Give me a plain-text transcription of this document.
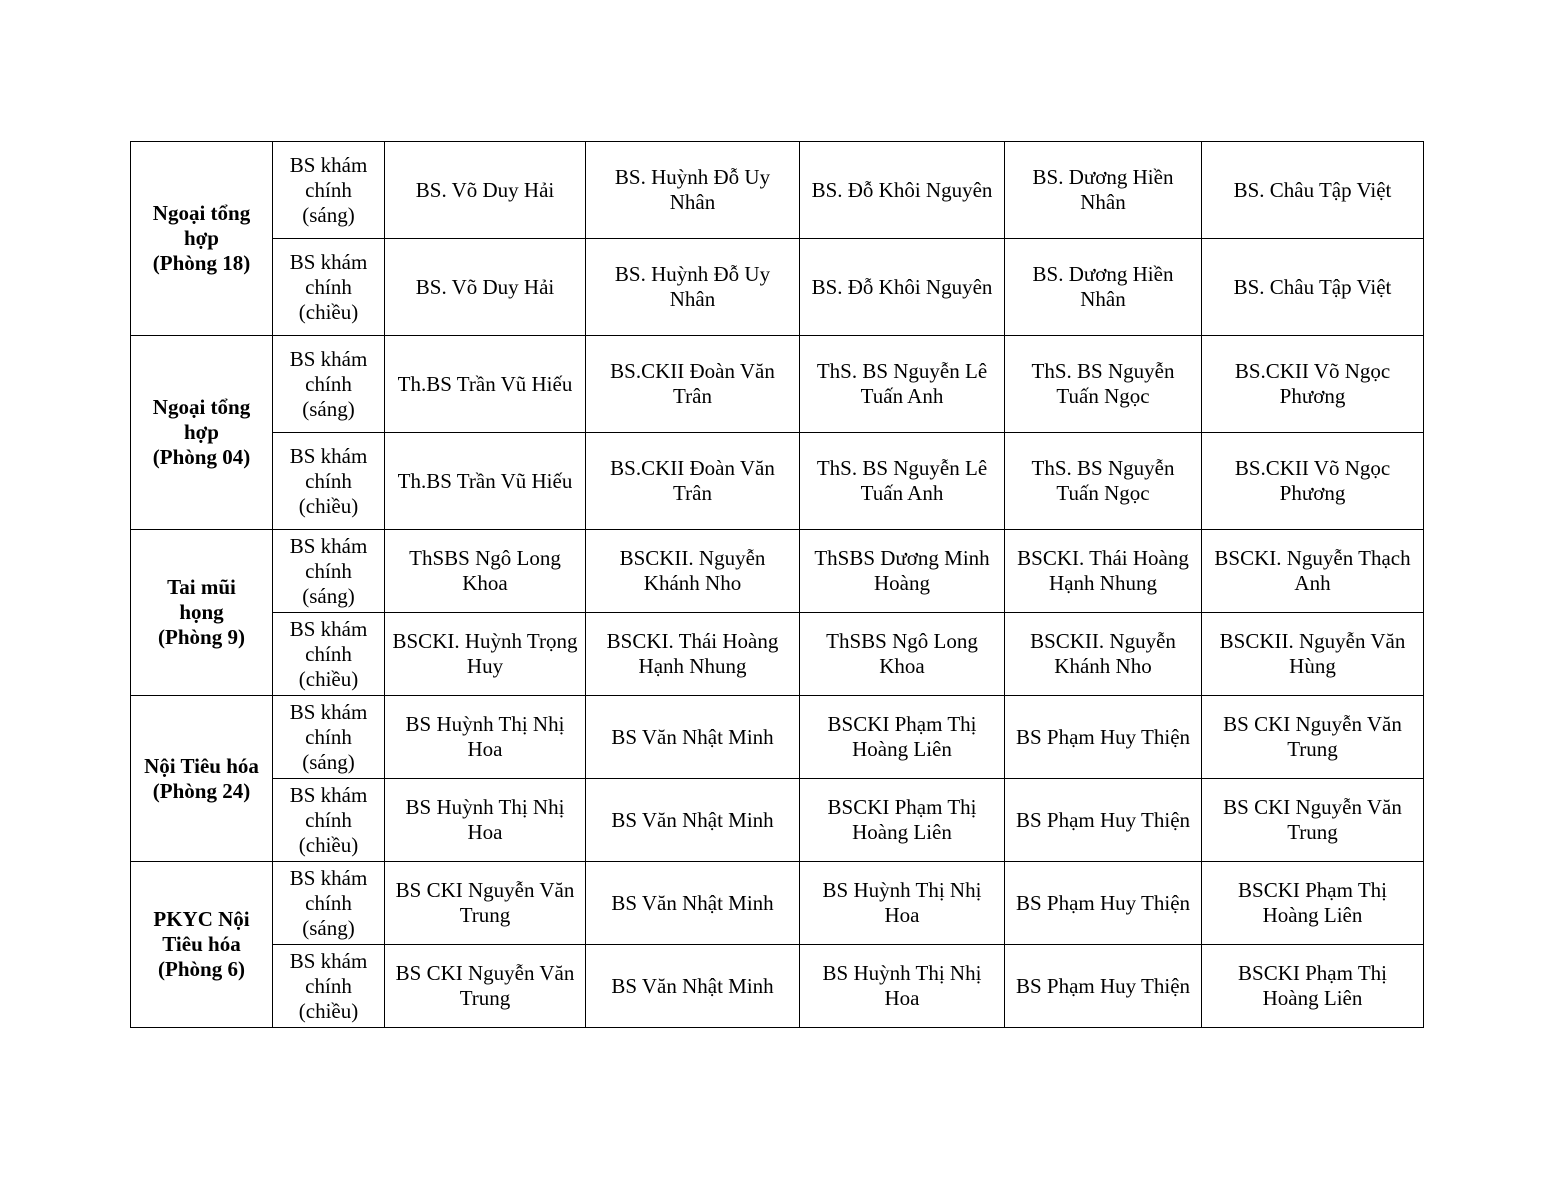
Ngoại tổng
hợp
(Phòng 18)	BS khám
chính
(sáng)	BS. Võ Duy Hải	BS. Huỳnh Đỗ Uy Nhân	BS. Đỗ Khôi Nguyên	BS. Dương Hiền Nhân	BS. Châu Tập Việt

	BS khám
chính
(chiều)	BS. Võ Duy Hải	BS. Huỳnh Đỗ Uy Nhân	BS. Đỗ Khôi Nguyên	BS. Dương Hiền Nhân	BS. Châu Tập Việt

Ngoại tổng
hợp
(Phòng 04)	BS khám
chính
(sáng)	Th.BS Trần Vũ Hiếu	BS.CKII Đoàn Văn Trân	ThS. BS Nguyễn Lê Tuấn Anh	ThS. BS Nguyễn Tuấn Ngọc	BS.CKII Võ Ngọc Phương

	BS khám
chính
(chiều)	Th.BS Trần Vũ Hiếu	BS.CKII Đoàn Văn Trân	ThS. BS Nguyễn Lê Tuấn Anh	ThS. BS Nguyễn Tuấn Ngọc	BS.CKII Võ Ngọc Phương

Tai mũi
họng
(Phòng 9)	BS khám
chính
(sáng)	ThSBS Ngô Long Khoa	BSCKII. Nguyễn Khánh Nho	ThSBS Dương Minh Hoàng	BSCKI. Thái Hoàng Hạnh Nhung	BSCKI. Nguyễn Thạch Anh

	BS khám
chính
(chiều)	BSCKI. Huỳnh Trọng Huy	BSCKI. Thái Hoàng Hạnh Nhung	ThSBS Ngô Long Khoa	BSCKII. Nguyễn Khánh Nho	BSCKII. Nguyễn Văn Hùng

Nội Tiêu hóa
(Phòng 24)	BS khám
chính
(sáng)	BS Huỳnh Thị Nhị Hoa	BS Văn Nhật Minh	BSCKI Phạm Thị Hoàng Liên	BS Phạm Huy Thiện	BS CKI Nguyễn Văn Trung

	BS khám
chính
(chiều)	BS Huỳnh Thị Nhị Hoa	BS Văn Nhật Minh	BSCKI Phạm Thị Hoàng Liên	BS Phạm Huy Thiện	BS CKI Nguyễn Văn Trung

PKYC Nội
Tiêu hóa
(Phòng 6)	BS khám
chính
(sáng)	BS CKI Nguyễn Văn Trung	BS Văn Nhật Minh	BS Huỳnh Thị Nhị Hoa	BS Phạm Huy Thiện	BSCKI Phạm Thị Hoàng Liên

	BS khám
chính
(chiều)	BS CKI Nguyễn Văn Trung	BS Văn Nhật Minh	BS Huỳnh Thị Nhị Hoa	BS Phạm Huy Thiện	BSCKI Phạm Thị Hoàng Liên
